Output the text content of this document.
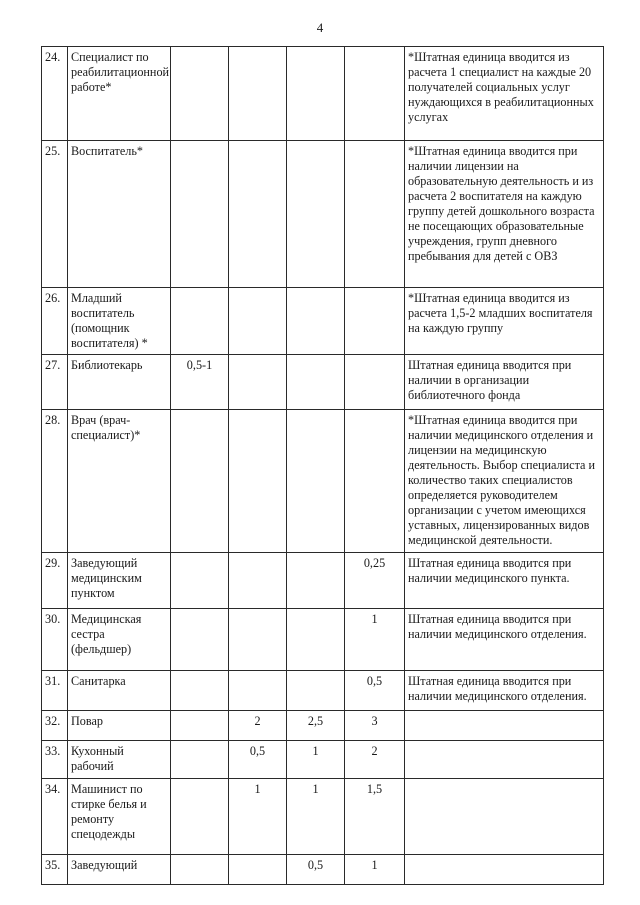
4
24.	Специалист по реабилитационной работе*					*Штатная единица вводится из расчета 1 специалист на каждые 20 получателей социальных услуг нуждающихся в реабилитационных услугах
25.	Воспитатель*					*Штатная единица вводится при наличии лицензии на образовательную деятельность и из расчета 2 воспитателя на каждую группу детей дошкольного возраста не посещающих образовательные учреждения, групп дневного пребывания для детей с ОВЗ
26.	Младший воспитатель (помощник воспитателя) *					*Штатная единица вводится из расчета 1,5-2 младших воспитателя на каждую группу
27.	Библиотекарь	0,5-1				Штатная единица вводится при наличии в организации библиотечного фонда
28.	Врач (врач-специалист)*					*Штатная единица вводится при наличии медицинского отделения и лицензии на медицинскую деятельность. Выбор специалиста и количество таких специалистов определяется руководителем организации с учетом имеющихся уставных, лицензированных видов медицинской деятельности.
29.	Заведующий медицинским пунктом				0,25	Штатная единица вводится при наличии медицинского пункта.
30.	Медицинская сестра (фельдшер)				1	Штатная единица вводится при наличии медицинского отделения.
31.	Санитарка				0,5	Штатная единица вводится при наличии медицинского отделения.
32.	Повар		2	2,5	3	
33.	Кухонный рабочий		0,5	1	2	
34.	Машинист по стирке белья и ремонту спецодежды		1	1	1,5	
35.	Заведующий			0,5	1	
